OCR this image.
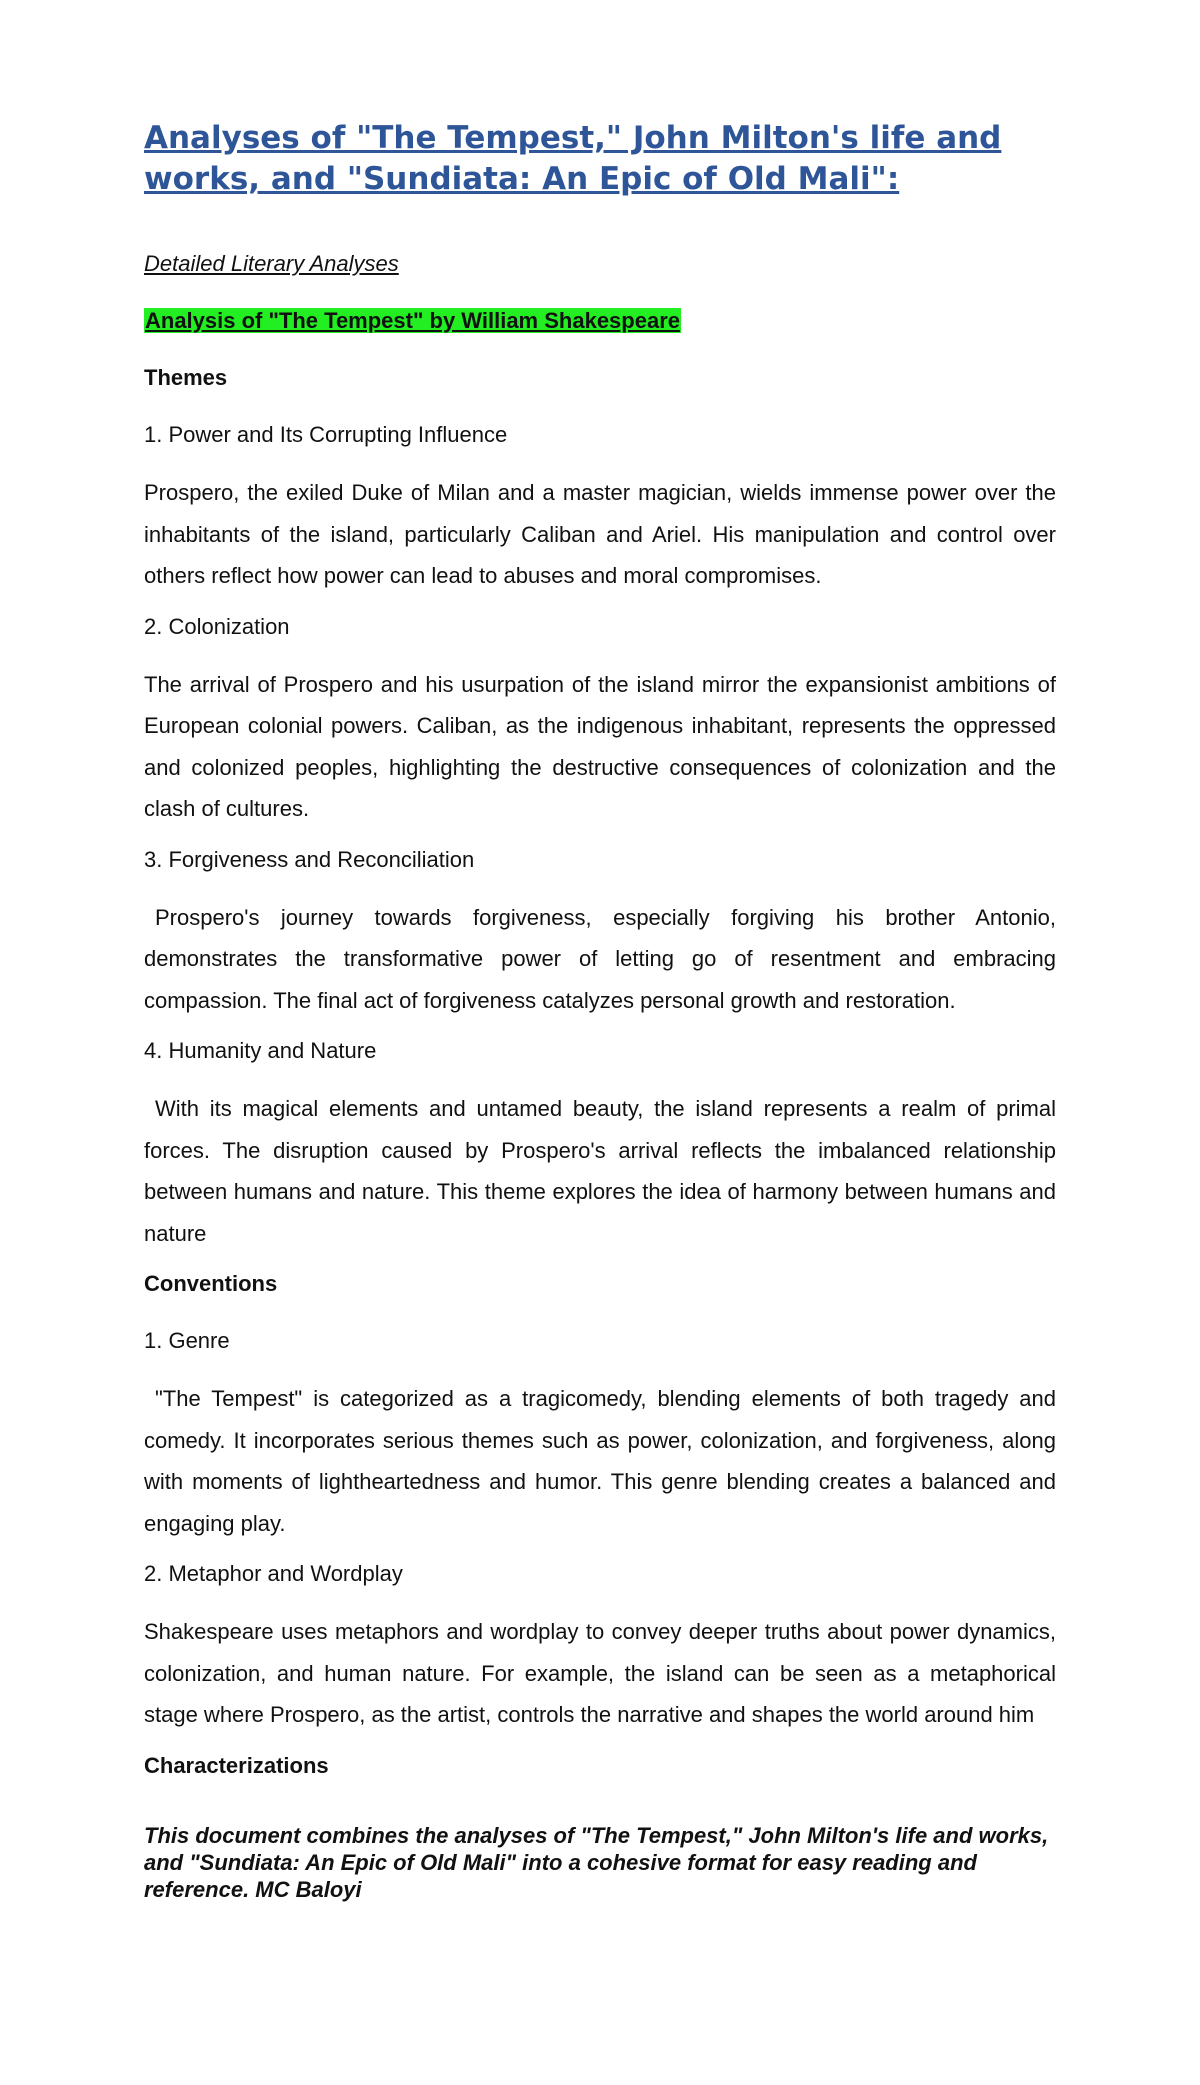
Analyses of "The Tempest," John Milton's life and works, and "Sundiata: An Epic of Old Mali":
Detailed Literary Analyses
Analysis of "The Tempest" by William Shakespeare
Themes
1. Power and Its Corrupting Influence

Prospero, the exiled Duke of Milan and a master magician, wields immense power over the inhabitants of the island, particularly Caliban and Ariel. His manipulation and control over others reflect how power can lead to abuses and moral compromises.

2. Colonization

The arrival of Prospero and his usurpation of the island mirror the expansionist ambitions of European colonial powers. Caliban, as the indigenous inhabitant, represents the oppressed and colonized peoples, highlighting the destructive consequences of colonization and the clash of cultures.

3. Forgiveness and Reconciliation

Prospero's journey towards forgiveness, especially forgiving his brother Antonio, demonstrates the transformative power of letting go of resentment and embracing compassion. The final act of forgiveness catalyzes personal growth and restoration.

4. Humanity and Nature

With its magical elements and untamed beauty, the island represents a realm of primal forces. The disruption caused by Prospero's arrival reflects the imbalanced relationship between humans and nature. This theme explores the idea of harmony between humans and nature

Conventions
1. Genre

"The Tempest" is categorized as a tragicomedy, blending elements of both tragedy and comedy. It incorporates serious themes such as power, colonization, and forgiveness, along with moments of lightheartedness and humor. This genre blending creates a balanced and engaging play.

2. Metaphor and Wordplay

Shakespeare uses metaphors and wordplay to convey deeper truths about power dynamics, colonization, and human nature. For example, the island can be seen as a metaphorical stage where Prospero, as the artist, controls the narrative and shapes the world around him

Characterizations
This document combines the analyses of "The Tempest," John Milton's life and works, and "Sundiata: An Epic of Old Mali" into a cohesive format for easy reading and reference. MC Baloyi
